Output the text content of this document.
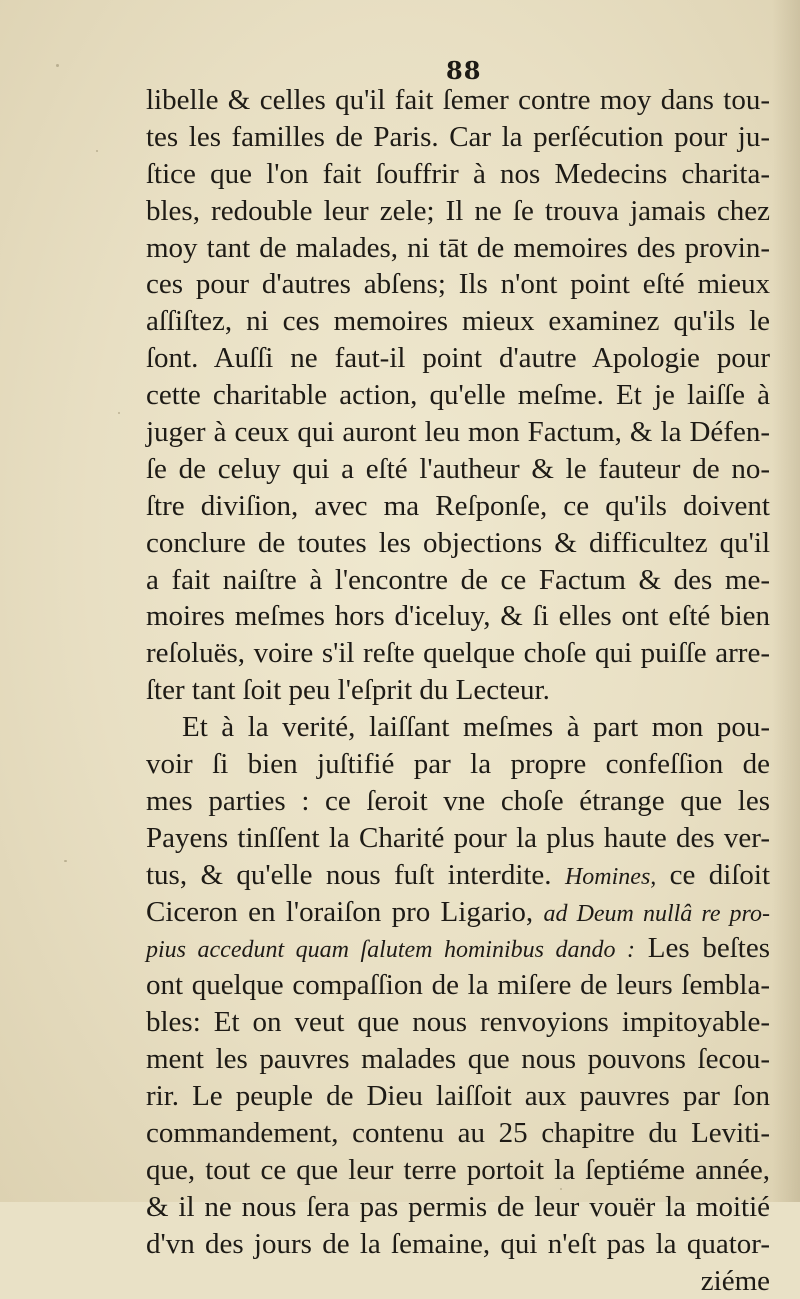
88
libelle & celles qu'il fait ſemer contre moy dans tou-
tes les familles de Paris. Car la perſécution pour ju-
ſtice que l'on fait ſouffrir à nos Medecins charita-
bles, redouble leur zele; Il ne ſe trouva jamais chez
moy tant de malades, ni tāt de memoires des provin-
ces pour d'autres abſens; Ils n'ont point eſté mieux
aſſiſtez, ni ces memoires mieux examinez qu'ils le
ſont. Auſſi ne faut-il point d'autre Apologie pour
cette charitable action, qu'elle meſme. Et je laiſſe à
juger à ceux qui auront leu mon Factum, & la Défen-
ſe de celuy qui a eſté l'autheur & le fauteur de no-
ſtre diviſion, avec ma Reſponſe, ce qu'ils doivent
conclure de toutes les objections & difficultez qu'il
a fait naiſtre à l'encontre de ce Factum & des me-
moires meſmes hors d'iceluy, & ſi elles ont eſté bien
reſoluës, voire s'il reſte quelque choſe qui puiſſe arre-
ſter tant ſoit peu l'eſprit du Lecteur.
Et à la verité, laiſſant meſmes à part mon pou-
voir ſi bien juſtifié par la propre confeſſion de
mes parties : ce ſeroit vne choſe étrange que les
Payens tinſſent la Charité pour la plus haute des ver-
tus, & qu'elle nous fuſt interdite. Homines, ce diſoit
Ciceron en l'oraiſon pro Ligario, ad Deum nullâ re pro-
pius accedunt quam ſalutem hominibus dando : Les beſtes
ont quelque compaſſion de la miſere de leurs ſembla-
bles: Et on veut que nous renvoyions impitoyable-
ment les pauvres malades que nous pouvons ſecou-
rir. Le peuple de Dieu laiſſoit aux pauvres par ſon
commandement, contenu au 25 chapitre du Leviti-
que, tout ce que leur terre portoit la ſeptiéme année,
& il ne nous ſera pas permis de leur vouër la moitié
d'vn des jours de la ſemaine, qui n'eſt pas la quator-
ziéme
